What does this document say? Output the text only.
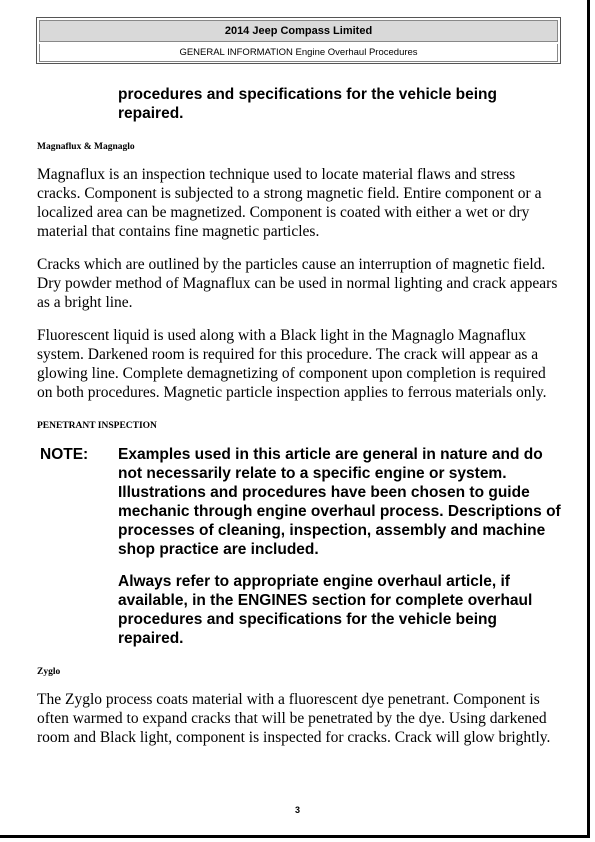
2014 Jeep Compass Limited
GENERAL INFORMATION Engine Overhaul Procedures
procedures and specifications for the vehicle being repaired.
Magnaflux & Magnaglo

Magnaflux is an inspection technique used to locate material flaws and stress cracks. Component is subjected to a strong magnetic field. Entire component or a localized area can be magnetized. Component is coated with either a wet or dry material that contains fine magnetic particles.

Cracks which are outlined by the particles cause an interruption of magnetic field. Dry powder method of Magnaflux can be used in normal lighting and crack appears as a bright line.

Fluorescent liquid is used along with a Black light in the Magnaglo Magnaflux system. Darkened room is required for this procedure. The crack will appear as a glowing line. Complete demagnetizing of component upon completion is required on both procedures. Magnetic particle inspection applies to ferrous materials only.

PENETRANT INSPECTION
NOTE:	Examples used in this article are general in nature and do not necessarily relate to a specific engine or system. Illustrations and procedures have been chosen to guide mechanic through engine overhaul process. Descriptions of processes of cleaning, inspection, assembly and machine shop practice are included.

Always refer to appropriate engine overhaul article, if available, in the ENGINES section for complete overhaul procedures and specifications for the vehicle being repaired.

Zyglo

The Zyglo process coats material with a fluorescent dye penetrant. Component is often warmed to expand cracks that will be penetrated by the dye. Using darkened room and Black light, component is inspected for cracks. Crack will glow brightly.

3
